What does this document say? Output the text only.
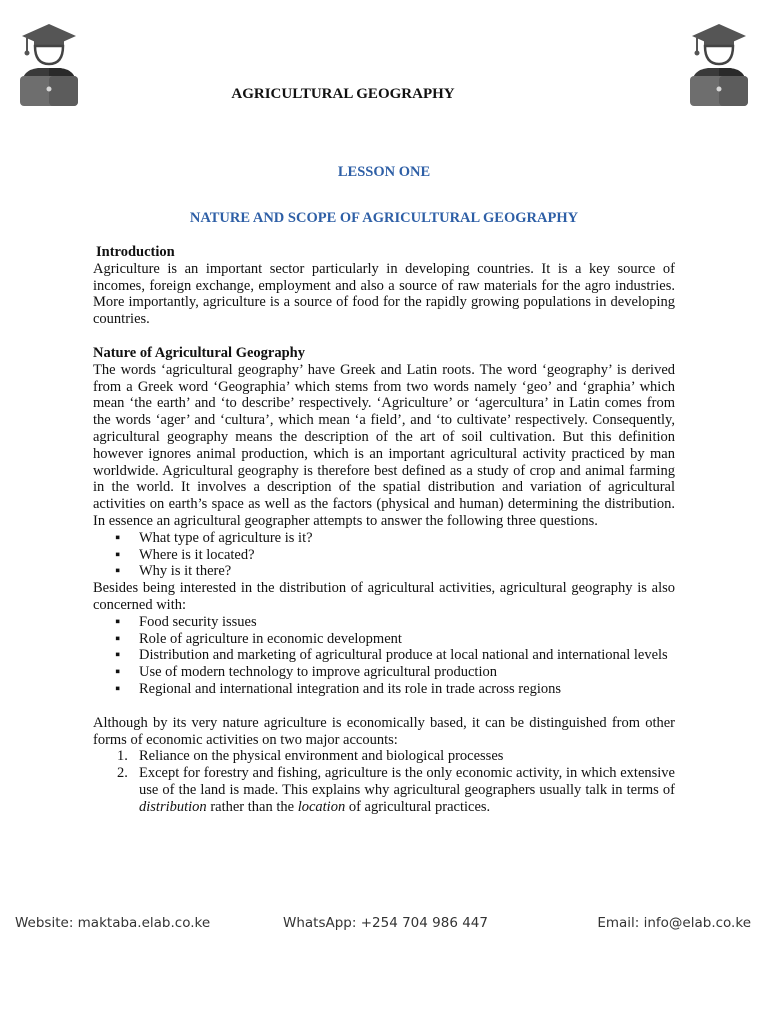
AGRICULTURAL GEOGRAPHY
LESSON ONE
NATURE AND SCOPE OF AGRICULTURAL GEOGRAPHY

Introduction

Agriculture is an important sector particularly in developing countries. It is a key source of incomes, foreign exchange, employment and also a source of raw materials for the agro industries. More importantly, agriculture is a source of food for the rapidly growing populations in developing countries.

Nature of Agricultural Geography

The words ‘agricultural geography’ have Greek and Latin roots. The word ‘geography’ is derived from a Greek word ‘Geographia’ which stems from two words namely ‘geo’ and ‘graphia’ which mean ‘the earth’ and ‘to describe’ respectively. ‘Agriculture’ or ‘agercultura’ in Latin comes from the words ‘ager’ and ‘cultura’, which mean ‘a field’, and ‘to cultivate’ respectively. Consequently, agricultural geography means the description of the art of soil cultivation. But this definition however ignores animal production, which is an important agricultural activity practiced by man worldwide. Agricultural geography is therefore best defined as a study of crop and animal farming in the world. It involves a description of the spatial distribution and variation of agricultural activities on earth’s space as well as the factors (physical and human) determining the distribution. In essence an agricultural geographer attempts to answer the following three questions.

▪ What type of agriculture is it?
▪ Where is it located?
▪ Why is it there?

Besides being interested in the distribution of agricultural activities, agricultural geography is also concerned with:

▪ Food security issues
▪ Role of agriculture in economic development
▪ Distribution and marketing of agricultural produce at local national and international levels
▪ Use of modern technology to improve agricultural production
▪ Regional and international integration and its role in trade across regions

Although by its very nature agriculture is economically based, it can be distinguished from other forms of economic activities on two major accounts:

1. Reliance on the physical environment and biological processes
2. Except for forestry and fishing, agriculture is the only economic activity, in which extensive use of the land is made. This explains why agricultural geographers usually talk in terms of distribution rather than the location of agricultural practices.
Website: maktaba.elab.co.ke	WhatsApp: +254 704 986 447	Email: info@elab.co.ke
